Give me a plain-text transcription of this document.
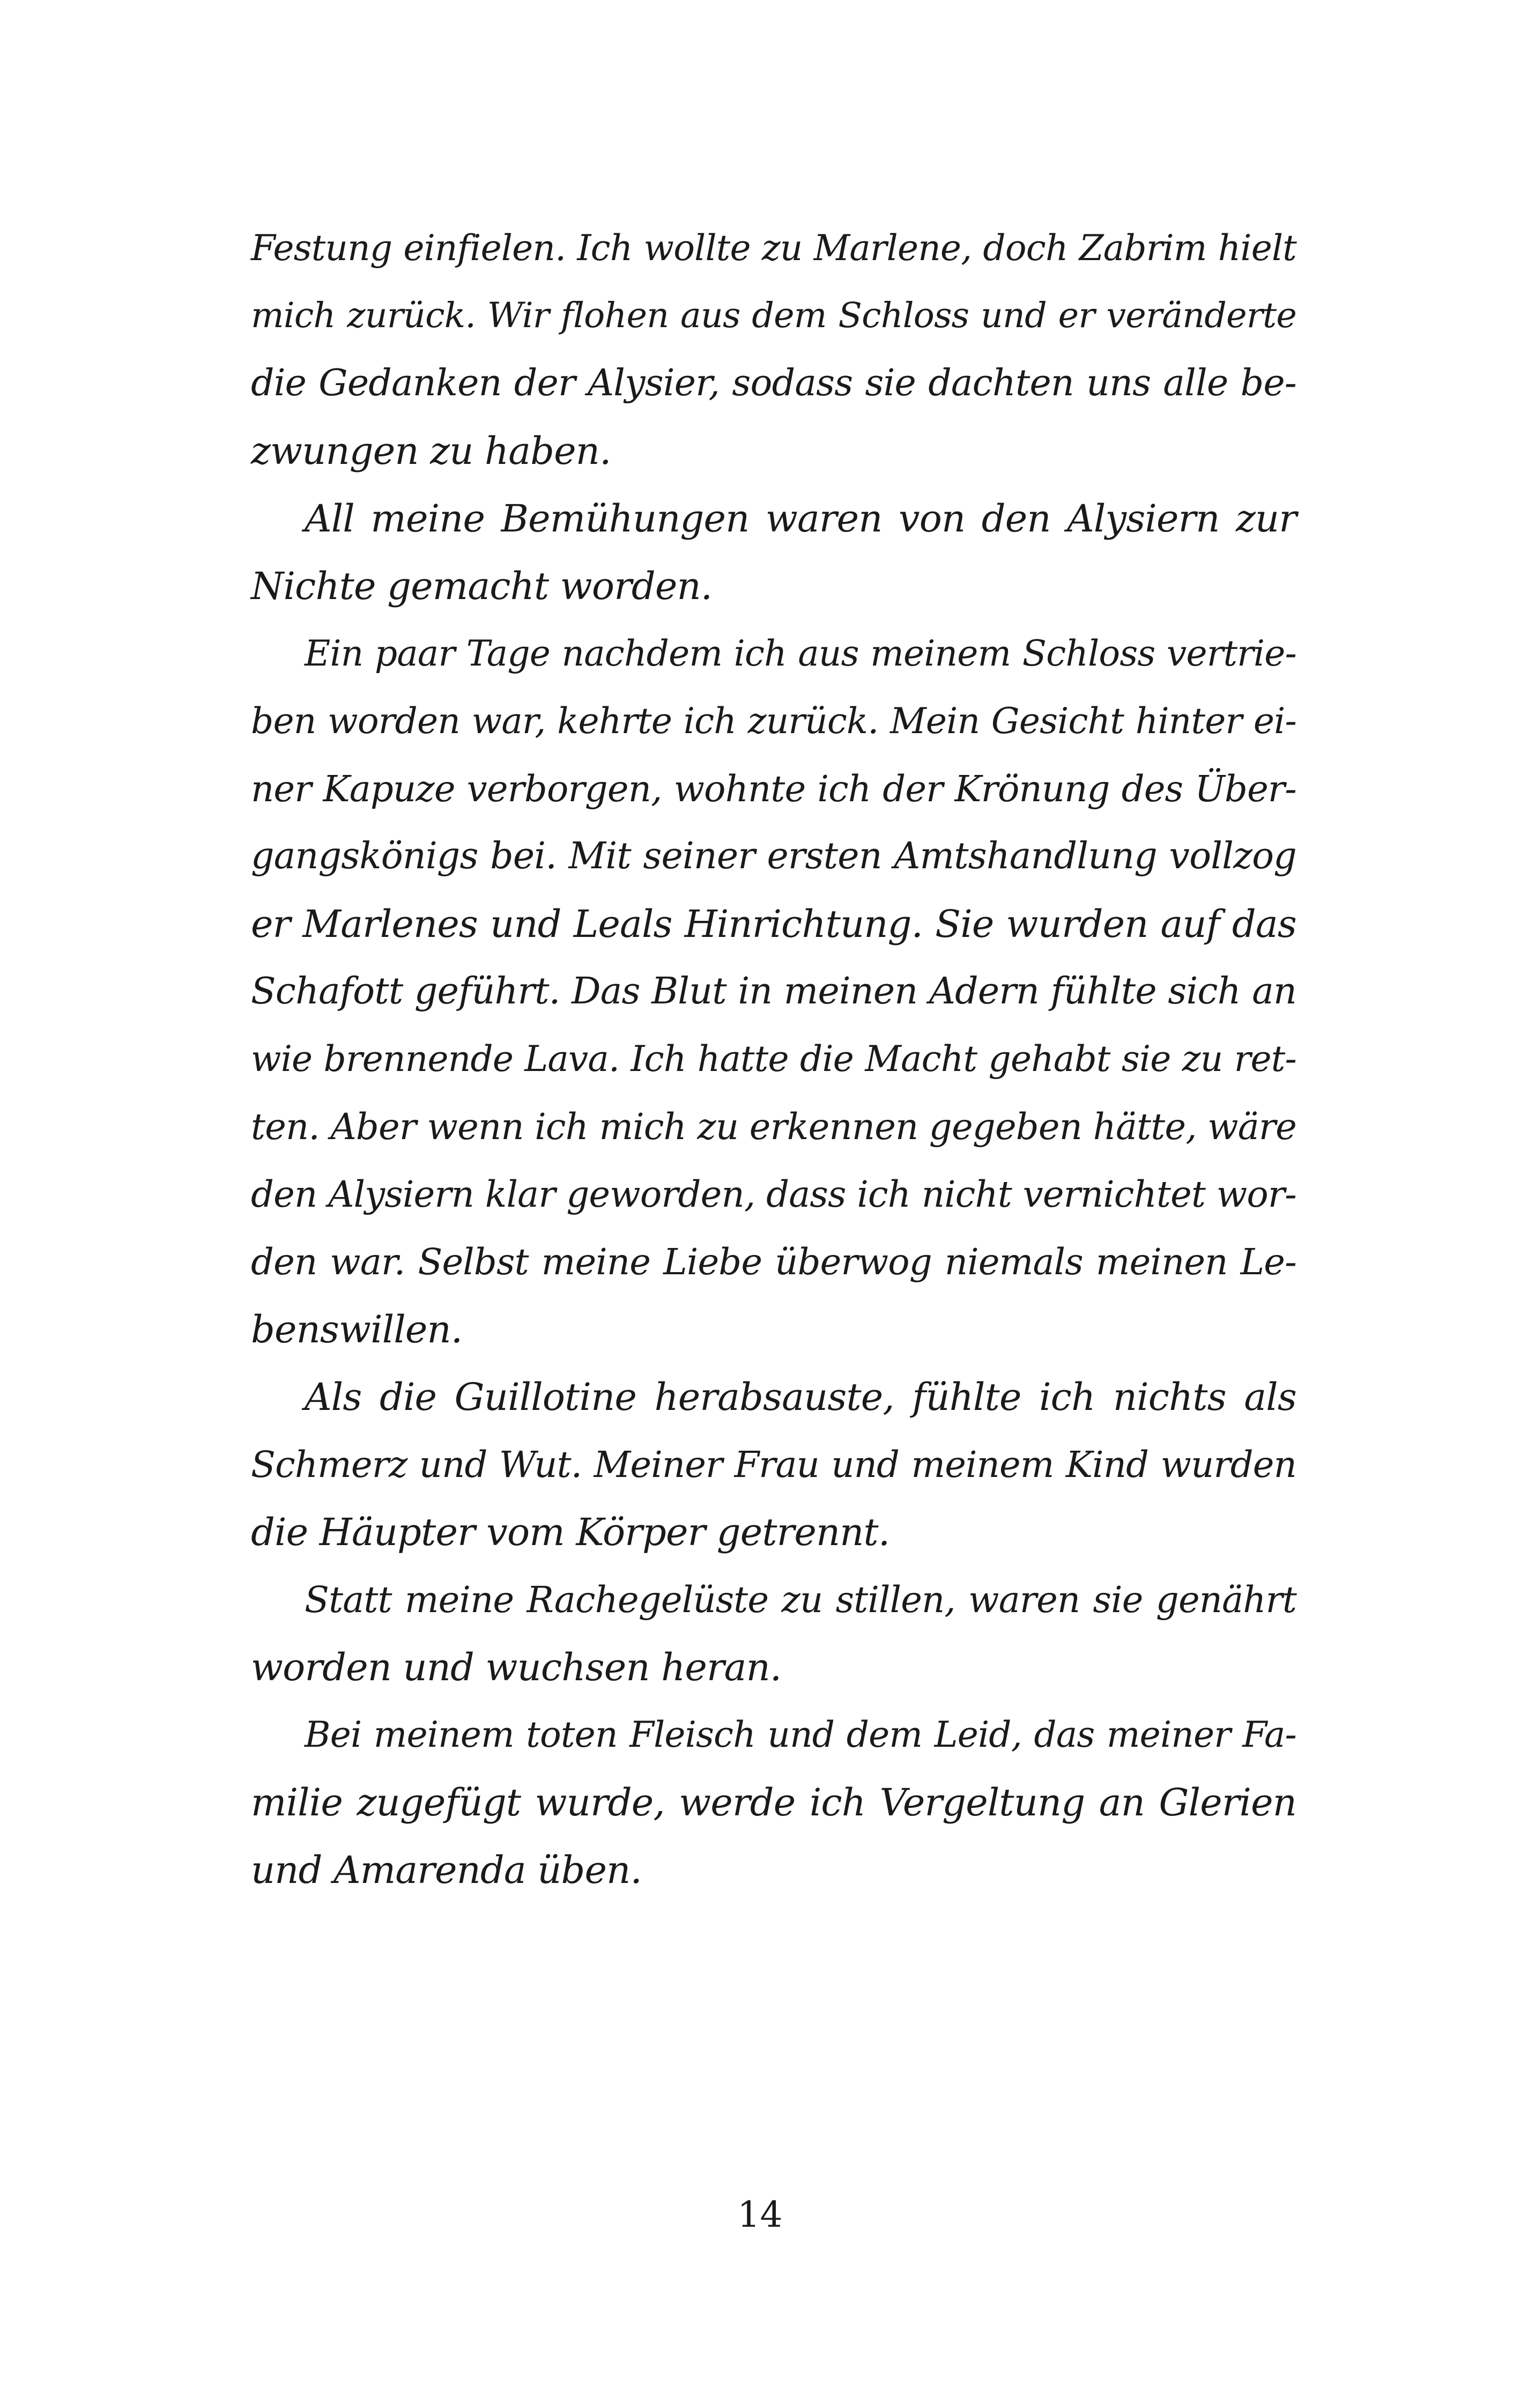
Festung einfielen. Ich wollte zu Marlene, doch Zabrim hielt
mich zurück. Wir flohen aus dem Schloss und er veränderte
die Gedanken der Alysier, sodass sie dachten uns alle be-
zwungen zu haben.
All meine Bemühungen waren von den Alysiern zur
Nichte gemacht worden.
Ein paar Tage nachdem ich aus meinem Schloss vertrie-
ben worden war, kehrte ich zurück. Mein Gesicht hinter ei-
ner Kapuze verborgen, wohnte ich der Krönung des Über-
gangskönigs bei. Mit seiner ersten Amtshandlung vollzog
er Marlenes und Leals Hinrichtung. Sie wurden auf das
Schafott geführt. Das Blut in meinen Adern fühlte sich an
wie brennende Lava. Ich hatte die Macht gehabt sie zu ret-
ten. Aber wenn ich mich zu erkennen gegeben hätte, wäre
den Alysiern klar geworden, dass ich nicht vernichtet wor-
den war. Selbst meine Liebe überwog niemals meinen Le-
benswillen.
Als die Guillotine herabsauste, fühlte ich nichts als
Schmerz und Wut. Meiner Frau und meinem Kind wurden
die Häupter vom Körper getrennt.
Statt meine Rachegelüste zu stillen, waren sie genährt
worden und wuchsen heran.
Bei meinem toten Fleisch und dem Leid, das meiner Fa-
milie zugefügt wurde, werde ich Vergeltung an Glerien
und Amarenda üben.
14
